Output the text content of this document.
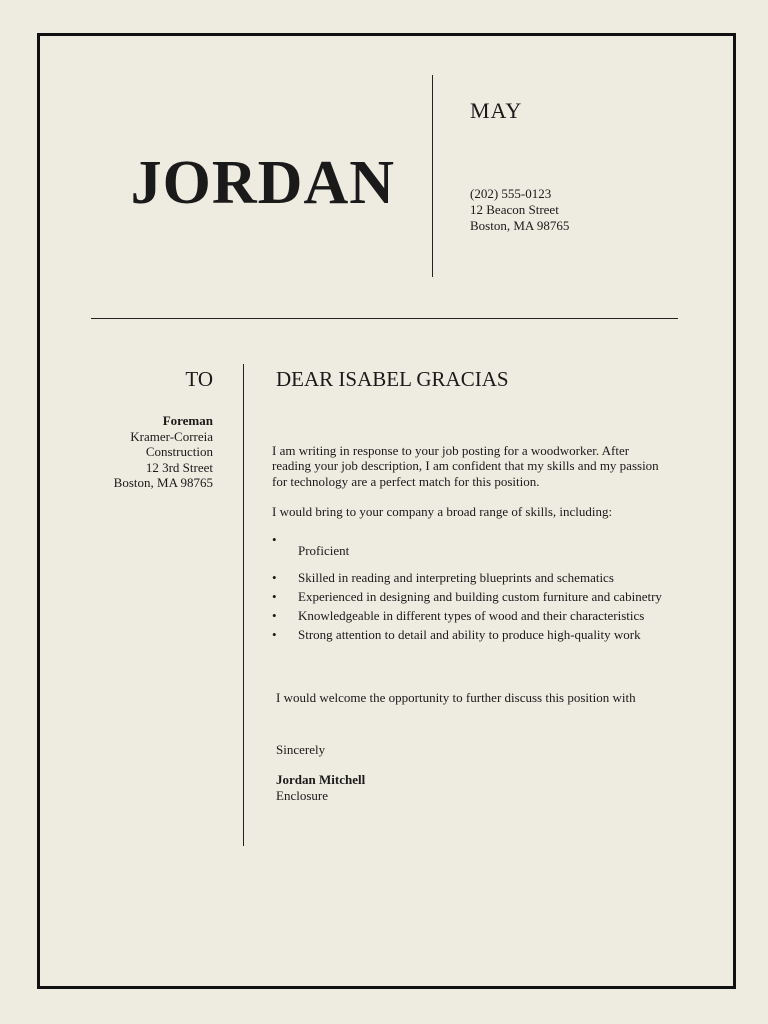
JORDAN
MAY
(202) 555-0123
12 Beacon Street
Boston, MA 98765
TO
Foreman
Kramer-Correia
Construction
12 3rd Street
Boston, MA 98765
DEAR ISABEL GRACIAS
I am writing in response to your job posting for a woodworker. After reading your job description, I am confident that my skills and my passion for technology are a perfect match for this position.
I would bring to your company a broad range of skills, including:
•
Proficient
• Skilled in reading and interpreting blueprints and schematics
• Experienced in designing and building custom furniture and cabinetry
• Knowledgeable in different types of wood and their characteristics
• Strong attention to detail and ability to produce high-quality work
I would welcome the opportunity to further discuss this position with
Sincerely
Jordan Mitchell
Enclosure
